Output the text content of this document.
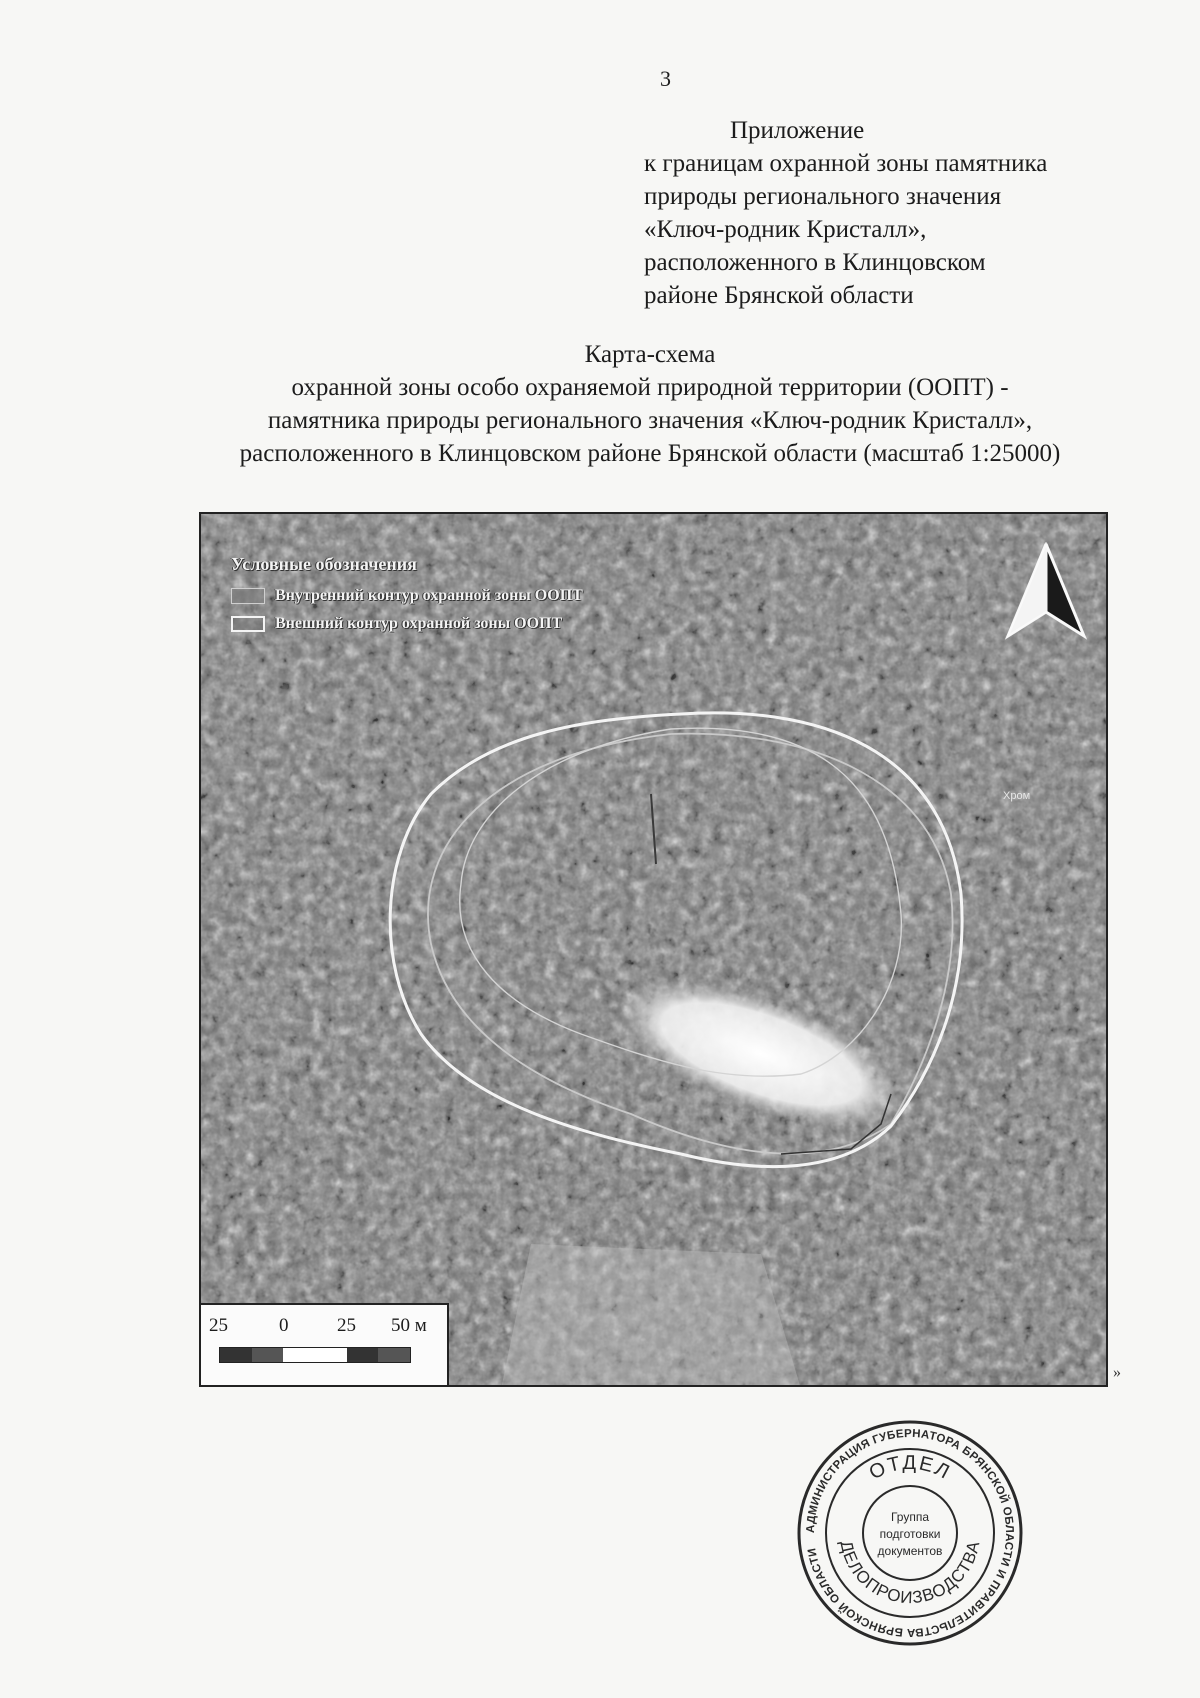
3
Приложение
к границам охранной зоны памятника
природы регионального значения
«Ключ-родник Кристалл»,
расположенного в Клинцовском
районе Брянской области
Карта-схема
охранной зоны особо охраняемой природной территории (ООПТ) -
памятника природы регионального значения «Ключ-родник Кристалл»,
расположенного в Клинцовском районе Брянской области (масштаб 1:25000)
Условные обозначения
Внутренний контур охранной зоны ООПТ
Внешний контур охранной зоны ООПТ
Хром
25	0	25 50 м
»
АДМИНИСТРАЦИЯ ГУБЕРНАТОРА БРЯНСКОЙ ОБЛАСТИ И ПРАВИТЕЛЬСТВА БРЯНСКОЙ ОБЛАСТИ
ОТДЕЛ
ДЕЛОПРОИЗВОДСТВА
Группа
подготовки
документов
